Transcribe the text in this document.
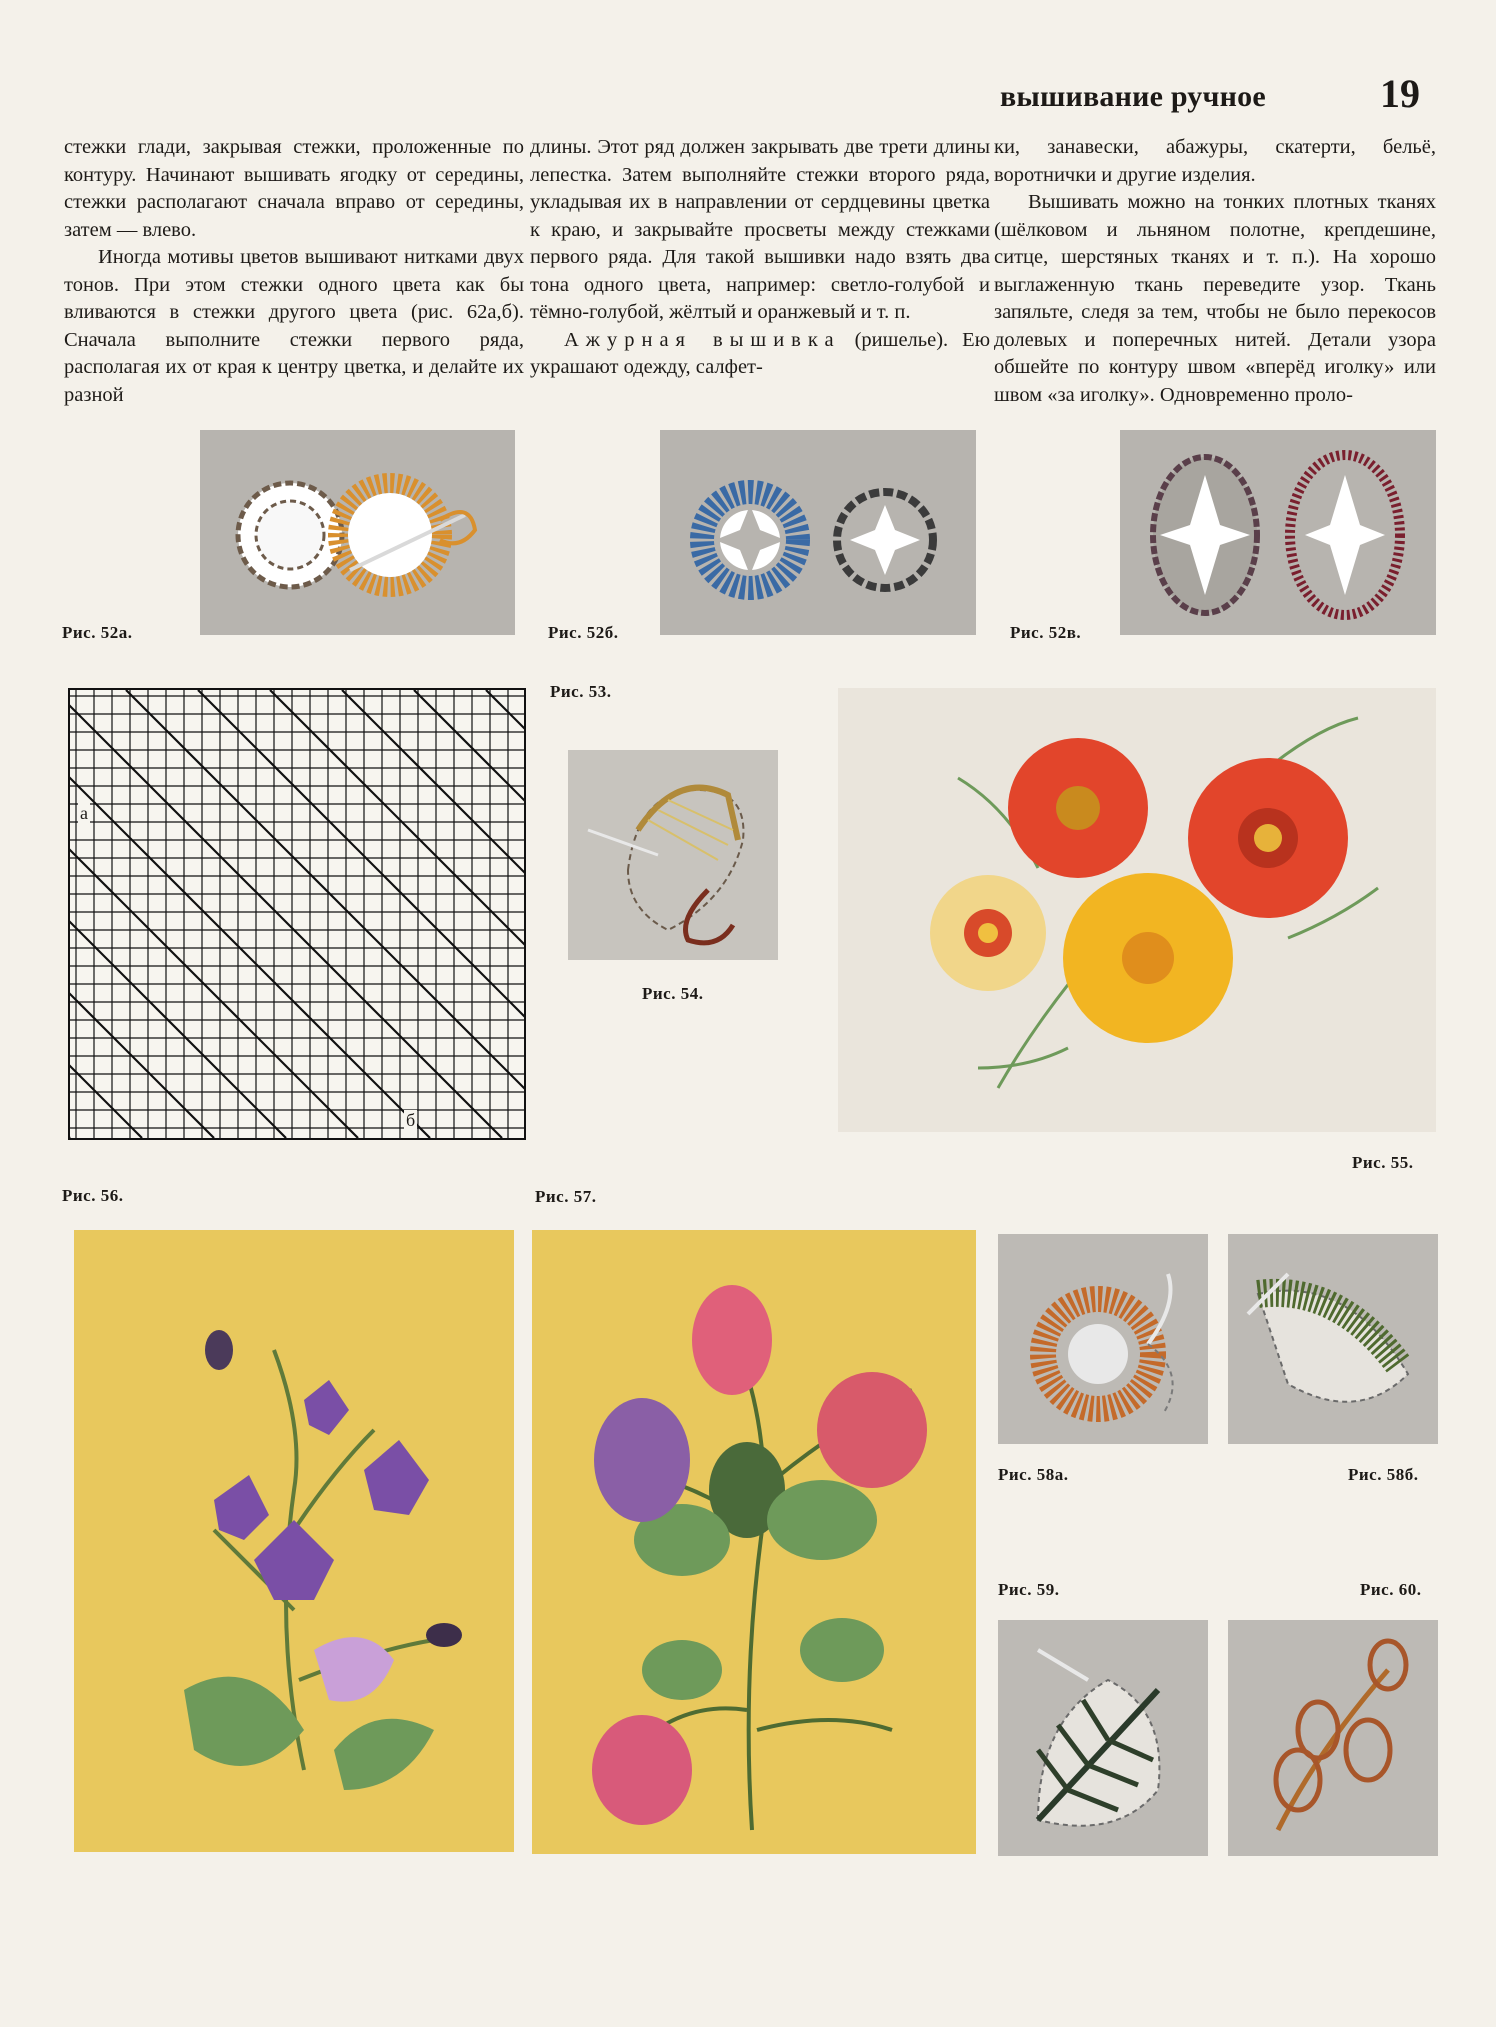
вышивание ручное	19

стежки глади, закрывая стежки, проложенные по контуру. Начинают вышивать ягодку от середины, стежки располагают сначала вправо от середины, затем — влево.

Иногда мотивы цветов вышивают нитками двух тонов. При этом стежки одного цвета как бы вливаются в стежки другого цвета (рис. 62а,б). Сначала выполните стежки первого ряда, располагая их от края к центру цветка, и делайте их разной

длины. Этот ряд должен закрывать две трети длины лепестка. Затем выполняйте стежки второго ряда, укладывая их в направлении от сердцевины цветка к краю, и закрывайте просветы между стежками первого ряда. Для такой вышивки надо взять два тона одного цвета, например: светло-голубой и тёмно-голубой, жёлтый и оранжевый и т. п.

Ажурная вышивка (ришелье). Ею украшают одежду, салфет-

ки, занавески, абажуры, скатерти, бельё, воротнички и другие изделия.

Вышивать можно на тонких плотных тканях (шёлковом и льняном полотне, крепдешине, ситце, шерстяных тканях и т. п.). На хорошо выглаженную ткань переведите узор. Ткань запяльте, следя за тем, чтобы не было перекосов долевых и поперечных нитей. Детали узора обшейте по контуру швом «вперёд иголку» или швом «за иголку». Одновременно проло-

Рис. 52а.	Рис. 52б.	Рис. 52в.
Рис. 53.
а
б
Рис. 56.
Рис. 54.
Рис. 55.
Рис. 57.
Рис. 58а.	Рис. 58б.
Рис. 59.	Рис. 60.
